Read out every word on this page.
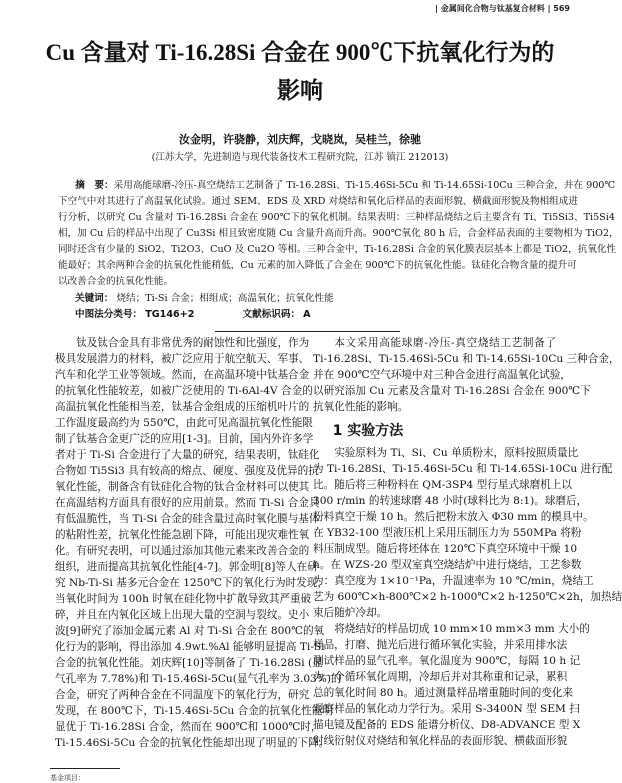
| 金属间化合物与钛基复合材料 | 569
Cu 含量对 Ti-16.28Si 合金在 900℃下抗氧化行为的
影响
汝金明，许骁静，刘庆辉，戈晓岚，吴桂兰，徐驰
(江苏大学，先进制造与现代装备技术工程研究院，江苏 镇江 212013)
摘　要：采用高能球磨-冷压-真空烧结工艺制备了 Ti-16.28Si、Ti-15.46Si-5Cu 和 Ti-14.65Si-10Cu 三种合金，并在 900℃
下空气中对其进行了高温氧化试验。通过 SEM、EDS 及 XRD 对烧结和氧化后样品的表面形貌、横截面形貌及物相组成进
行分析，以研究 Cu 含量对 Ti-16.28Si 合金在 900℃下的氧化机制。结果表明：三种样品烧结之后主要含有 Ti、Ti5Si3、Ti5Si4
相，加 Cu 后的样品中出现了 Cu3Si 相且致密度随 Cu 含量升高而升高。900℃氧化 80 h 后，合金样品表面的主要物相为 TiO2，
同时还含有少量的 SiO2、Ti2O3、CuO 及 Cu2O 等相。三种合金中，Ti-16.28Si 合金的氧化膜表层基本上都是 TiO2，抗氧化性
能最好；其余两种合金的抗氧化性能稍低，Cu 元素的加入降低了合金在 900℃下的抗氧化性能。钛硅化合物含量的提升可
以改善合金的抗氧化性能。
关键词： 烧结；Ti-Si 合金；相组成；高温氧化；抗氧化性能
中图法分类号： TG146+2	文献标识码： A
钛及钛合金具有非常优秀的耐蚀性和比强度，作为
极具发展潜力的材料，被广泛应用于航空航天、军事、
汽车和化学工业等领域。然而，在高温环境中钛基合金
的抗氧化性能较差，如被广泛使用的 Ti-6Al-4V 合金的
高温抗氧化性能相当差，钛基合金组成的压缩机叶片的
工作温度最高约为 550℃，由此可见高温抗氧化性能限
制了钛基合金更广泛的应用[1-3]。目前，国内外许多学
者对于 Ti-Si 合金进行了大量的研究，结果表明，钛硅化
合物如 Ti5Si3 具有较高的熔点、硬度、强度及优异的抗
氧化性能，制备含有钛硅化合物的钛合金材料可以使其
在高温结构方面具有很好的应用前景。然而 Ti-Si 合金具
有低温脆性，当 Ti-Si 合金的硅含量过高时氧化膜与基体
的粘附性差，抗氧化性能急剧下降，可能出现灾难性氧
化。有研究表明，可以通过添加其他元素来改善合金的
组织，进而提高其抗氧化性能[4-7]。郭金明[8]等人在研
究 Nb-Ti-Si 基多元合金在 1250℃下的氧化行为时发现，
当氧化时间为 100h 时氧在硅化物中扩散导致其严重破
碎，并且在内氧化区域上出现大量的空洞与裂纹。史小
波[9]研究了添加金属元素 Al 对 Ti-Si 合金在 800℃的氧
化行为的影响，得出添加 4.9wt.%Al 能够明显提高 Ti-Si
合金的抗氧化性能。刘庆辉[10]等制备了 Ti-16.28Si (显
气孔率为 7.78%)和 Ti-15.46Si-5Cu(显气孔率为 3.03%)的
合金，研究了两种合金在不同温度下的氧化行为，研究
发现，在 800℃下，Ti-15.46Si-5Cu 合金的抗氧化性能明
显优于 Ti-16.28Si 合金，然而在 900℃和 1000℃时，
Ti-15.46Si-5Cu 合金的抗氧化性能却出现了明显的下降。
本文采用高能球磨-冷压-真空烧结工艺制备了
Ti-16.28Si、Ti-15.46Si-5Cu 和 Ti-14.65Si-10Cu 三种合金，
并在 900℃空气环境中对三种合金进行高温氧化试验，
以研究添加 Cu 元素及含量对 Ti-16.28Si 合金在 900℃下
抗氧化性能的影响。
1 实验方法
实验原料为 Ti、Si、Cu 单质粉末，原料按照质量比
为 Ti-16.28Si、Ti-15.46Si-5Cu 和 Ti-14.65Si-10Cu 进行配
比。随后将三种粉料在 QM-3SP4 型行星式球磨机上以
300 r/min 的转速球磨 48 小时(球料比为 8:1)。球磨后，
粉料真空干燥 10 h。然后把粉末放入 Φ30 mm 的模具中。
在 YB32-100 型液压机上采用压制压力为 550MPa 将粉
料压制成型。随后将坯体在 120℃下真空环境中干燥 10
h。在 WZS-20 型双室真空烧结炉中进行烧结，工艺参数
为：真空度为 1×10⁻¹Pa，升温速率为 10 ℃/min，烧结工
艺为 600℃×h-800℃×2 h-1000℃×2 h-1250℃×2h，加热结
束后随炉冷却。
将烧结好的样品切成 10 mm×10 mm×3 mm 大小的
样品，打磨、抛光后进行循环氧化实验，并采用排水法
测试样品的显气孔率。氧化温度为 900℃，每隔 10 h 记
为一个循环氧化周期，冷却后并对其称重和记录，累积
总的氧化时间 80 h。通过测量样品增重随时间的变化来
观察样品的氧化动力学行为。采用 S-3400N 型 SEM 扫
描电镜及配备的 EDS 能谱分析仪、D8-ADVANCE 型 X
射线衍射仪对烧结和氧化样品的表面形貌、横截面形貌
基金项目：
